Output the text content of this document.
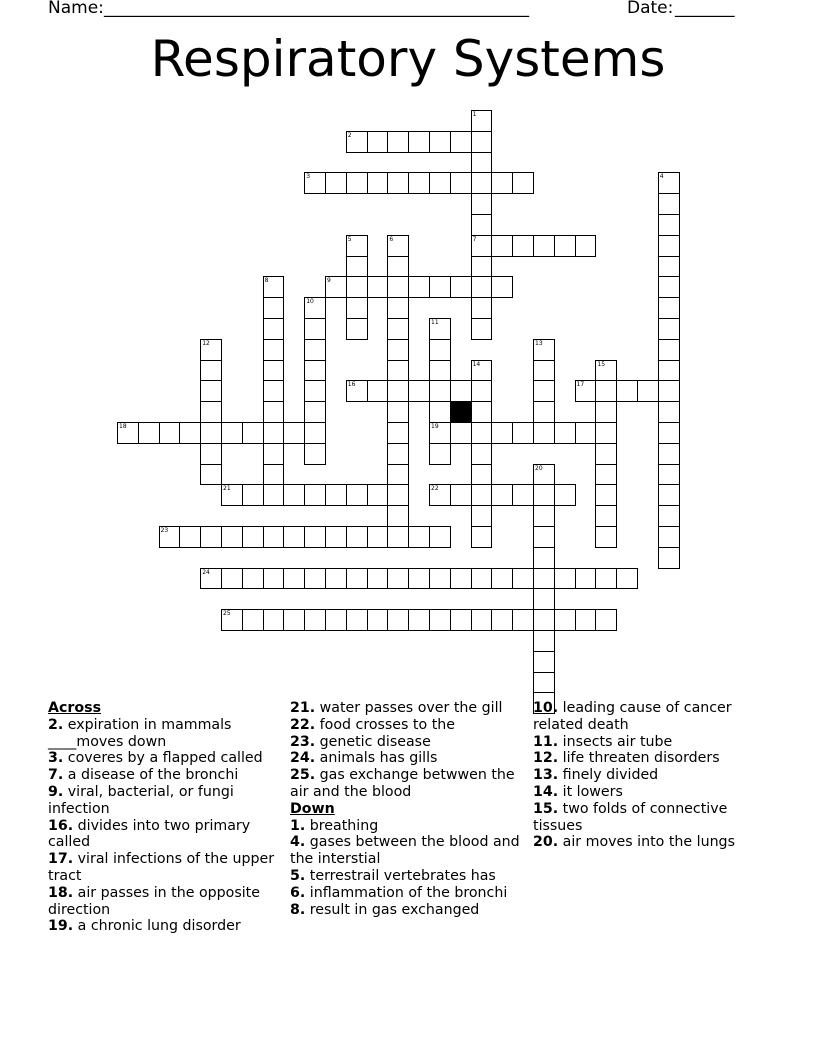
Name: __________________________________________________	Date: _______
Respiratory Systems
1
2
3	4
5	6	7
8	9
10
11
12	13
14	15
16	17
18	19
20
21	22
23
24
25
Across
2. expiration in mammals ____moves down
3. coveres by a flapped called
7. a disease of the bronchi
9. viral, bacterial, or fungi infection
16. divides into two primary called
17. viral infections of the upper tract
18. air passes in the opposite direction
19. a chronic lung disorder
21. water passes over the gill
22. food crosses to the
23. genetic disease
24. animals has gills
25. gas exchange betwwen the air and the blood
Down
1. breathing
4. gases between the blood and the interstial
5. terrestrail vertebrates has
6. inflammation of the bronchi
8. result in gas exchanged
10. leading cause of cancer related death
11. insects air tube
12. life threaten disorders
13. finely divided
14. it lowers
15. two folds of connective tissues
20. air moves into the lungs
